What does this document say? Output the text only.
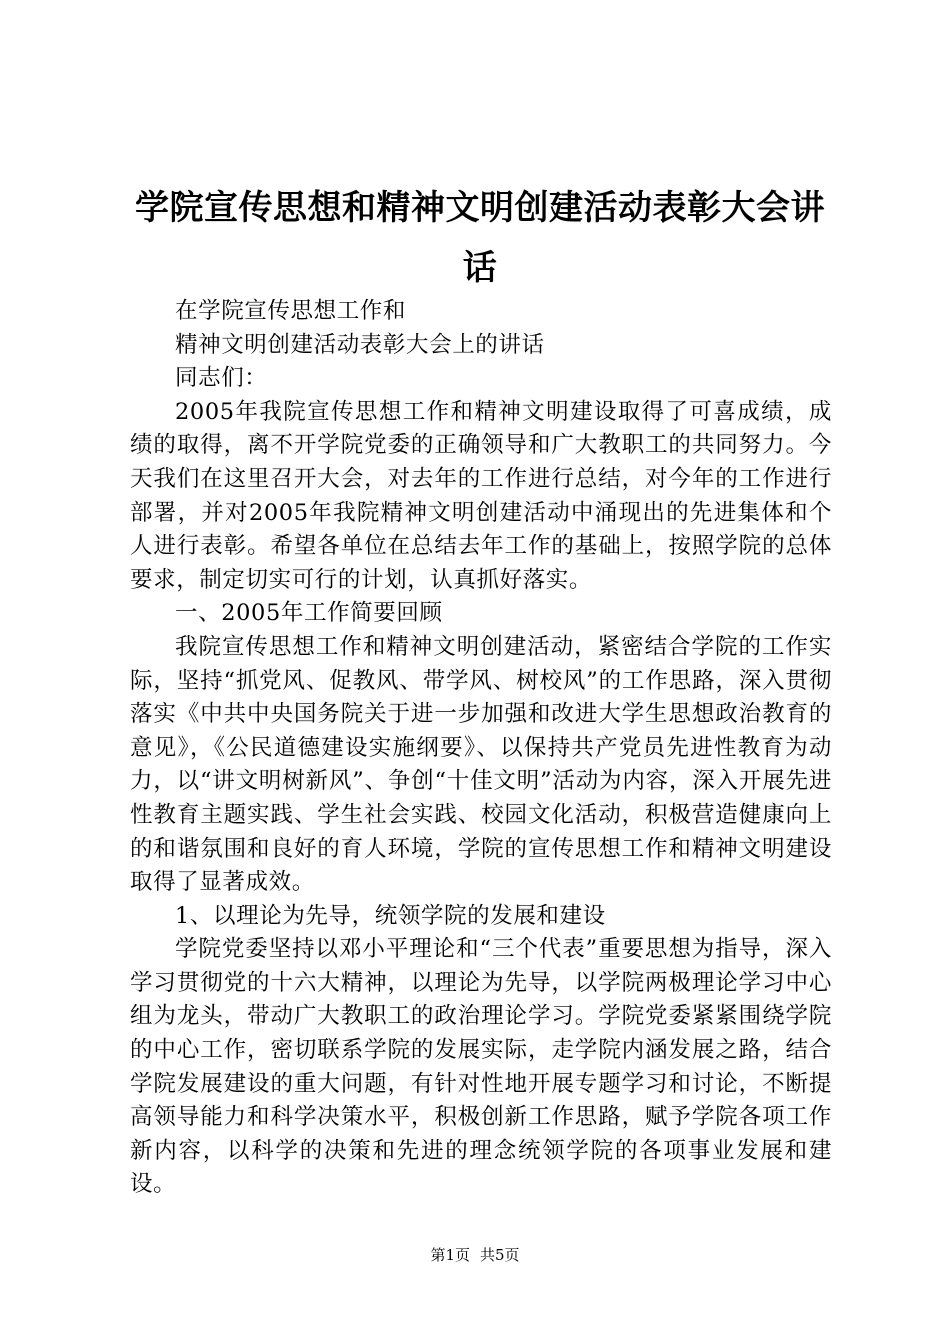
学院宣传思想和精神文明创建活动表彰大会讲话

在学院宣传思想工作和

精神文明创建活动表彰大会上的讲话

同志们：

2005年我院宣传思想工作和精神文明建设取得了可喜成绩，成绩的取得，离不开学院党委的正确领导和广大教职工的共同努力。今天我们在这里召开大会，对去年的工作进行总结，对今年的工作进行部署，并对2005年我院精神文明创建活动中涌现出的先进集体和个人进行表彰。希望各单位在总结去年工作的基础上，按照学院的总体要求，制定切实可行的计划，认真抓好落实。

一、2005年工作简要回顾

我院宣传思想工作和精神文明创建活动，紧密结合学院的工作实际，坚持“抓党风、促教风、带学风、树校风”的工作思路，深入贯彻落实《中共中央国务院关于进一步加强和改进大学生思想政治教育的意见》，《公民道德建设实施纲要》、以保持共产党员先进性教育为动力，以“讲文明树新风”、争创“十佳文明”活动为内容，深入开展先进性教育主题实践、学生社会实践、校园文化活动，积极营造健康向上的和谐氛围和良好的育人环境，学院的宣传思想工作和精神文明建设取得了显著成效。

1、以理论为先导，统领学院的发展和建设

学院党委坚持以邓小平理论和“三个代表”重要思想为指导，深入学习贯彻党的十六大精神，以理论为先导，以学院两极理论学习中心组为龙头，带动广大教职工的政治理论学习。学院党委紧紧围绕学院的中心工作，密切联系学院的发展实际，走学院内涵发展之路，结合学院发展建设的重大问题，有针对性地开展专题学习和讨论，不断提高领导能力和科学决策水平，积极创新工作思路，赋予学院各项工作新内容，以科学的决策和先进的理念统领学院的各项事业发展和建设。

第1页 共5页
